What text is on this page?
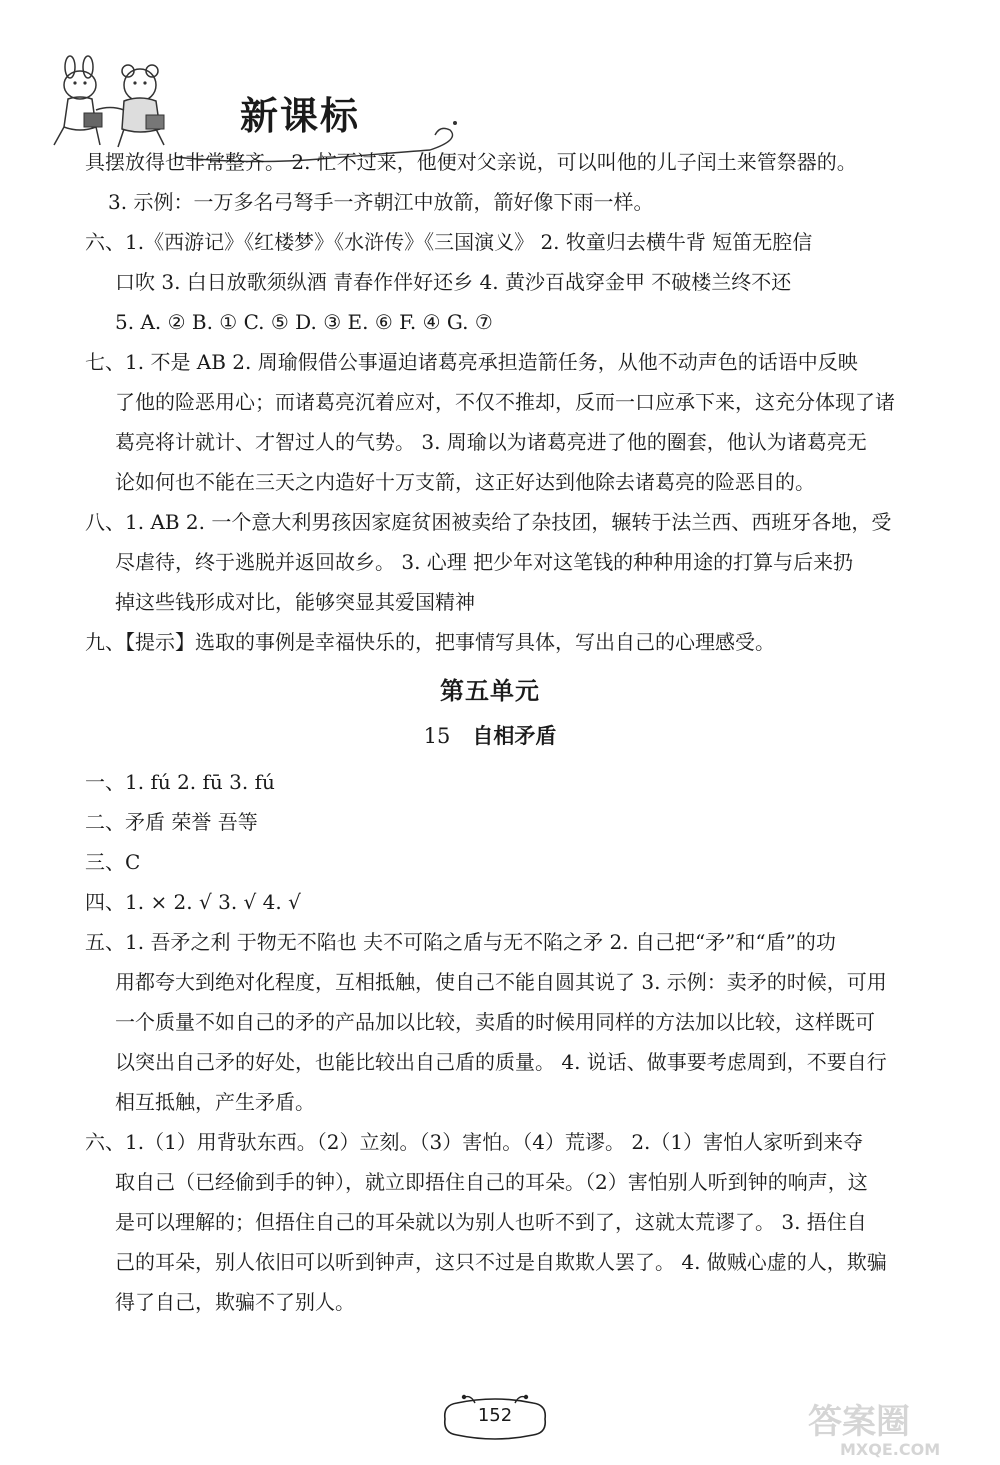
新课标
具摆放得也非常整齐。 2. 忙不过来，他便对父亲说，可以叫他的儿子闰土来管祭器的。
3. 示例：一万多名弓弩手一齐朝江中放箭，箭好像下雨一样。
六、1.《西游记》《红楼梦》《水浒传》《三国演义》 2. 牧童归去横牛背 短笛无腔信
口吹 3. 白日放歌须纵酒 青春作伴好还乡 4. 黄沙百战穿金甲 不破楼兰终不还
5. A. ② B. ① C. ⑤ D. ③ E. ⑥ F. ④ G. ⑦
七、1. 不是 AB 2. 周瑜假借公事逼迫诸葛亮承担造箭任务，从他不动声色的话语中反映
了他的险恶用心；而诸葛亮沉着应对，不仅不推却，反而一口应承下来，这充分体现了诸
葛亮将计就计、才智过人的气势。 3. 周瑜以为诸葛亮进了他的圈套，他认为诸葛亮无
论如何也不能在三天之内造好十万支箭，这正好达到他除去诸葛亮的险恶目的。
八、1. AB 2. 一个意大利男孩因家庭贫困被卖给了杂技团，辗转于法兰西、西班牙各地，受
尽虐待，终于逃脱并返回故乡。 3. 心理 把少年对这笔钱的种种用途的打算与后来扔
掉这些钱形成对比，能够突显其爱国精神
九、【提示】选取的事例是幸福快乐的，把事情写具体，写出自己的心理感受。
第五单元
15 自相矛盾
一、1. fú 2. fū 3. fú
二、矛盾 荣誉 吾等
三、C
四、1. × 2. √ 3. √ 4. √
五、1. 吾矛之利 于物无不陷也 夫不可陷之盾与无不陷之矛 2. 自己把“矛”和“盾”的功
用都夸大到绝对化程度，互相抵触，使自己不能自圆其说了 3. 示例：卖矛的时候，可用
一个质量不如自己的矛的产品加以比较，卖盾的时候用同样的方法加以比较，这样既可
以突出自己矛的好处，也能比较出自己盾的质量。 4. 说话、做事要考虑周到，不要自行
相互抵触，产生矛盾。
六、1.（1）用背驮东西。（2）立刻。（3）害怕。（4）荒谬。 2.（1）害怕人家听到来夺
取自己（已经偷到手的钟），就立即捂住自己的耳朵。（2）害怕别人听到钟的响声，这
是可以理解的；但捂住自己的耳朵就以为别人也听不到了，这就太荒谬了。 3. 捂住自
己的耳朵，别人依旧可以听到钟声，这只不过是自欺欺人罢了。 4. 做贼心虚的人，欺骗
得了自己，欺骗不了别人。
152	答案圈
MXQE.COM
